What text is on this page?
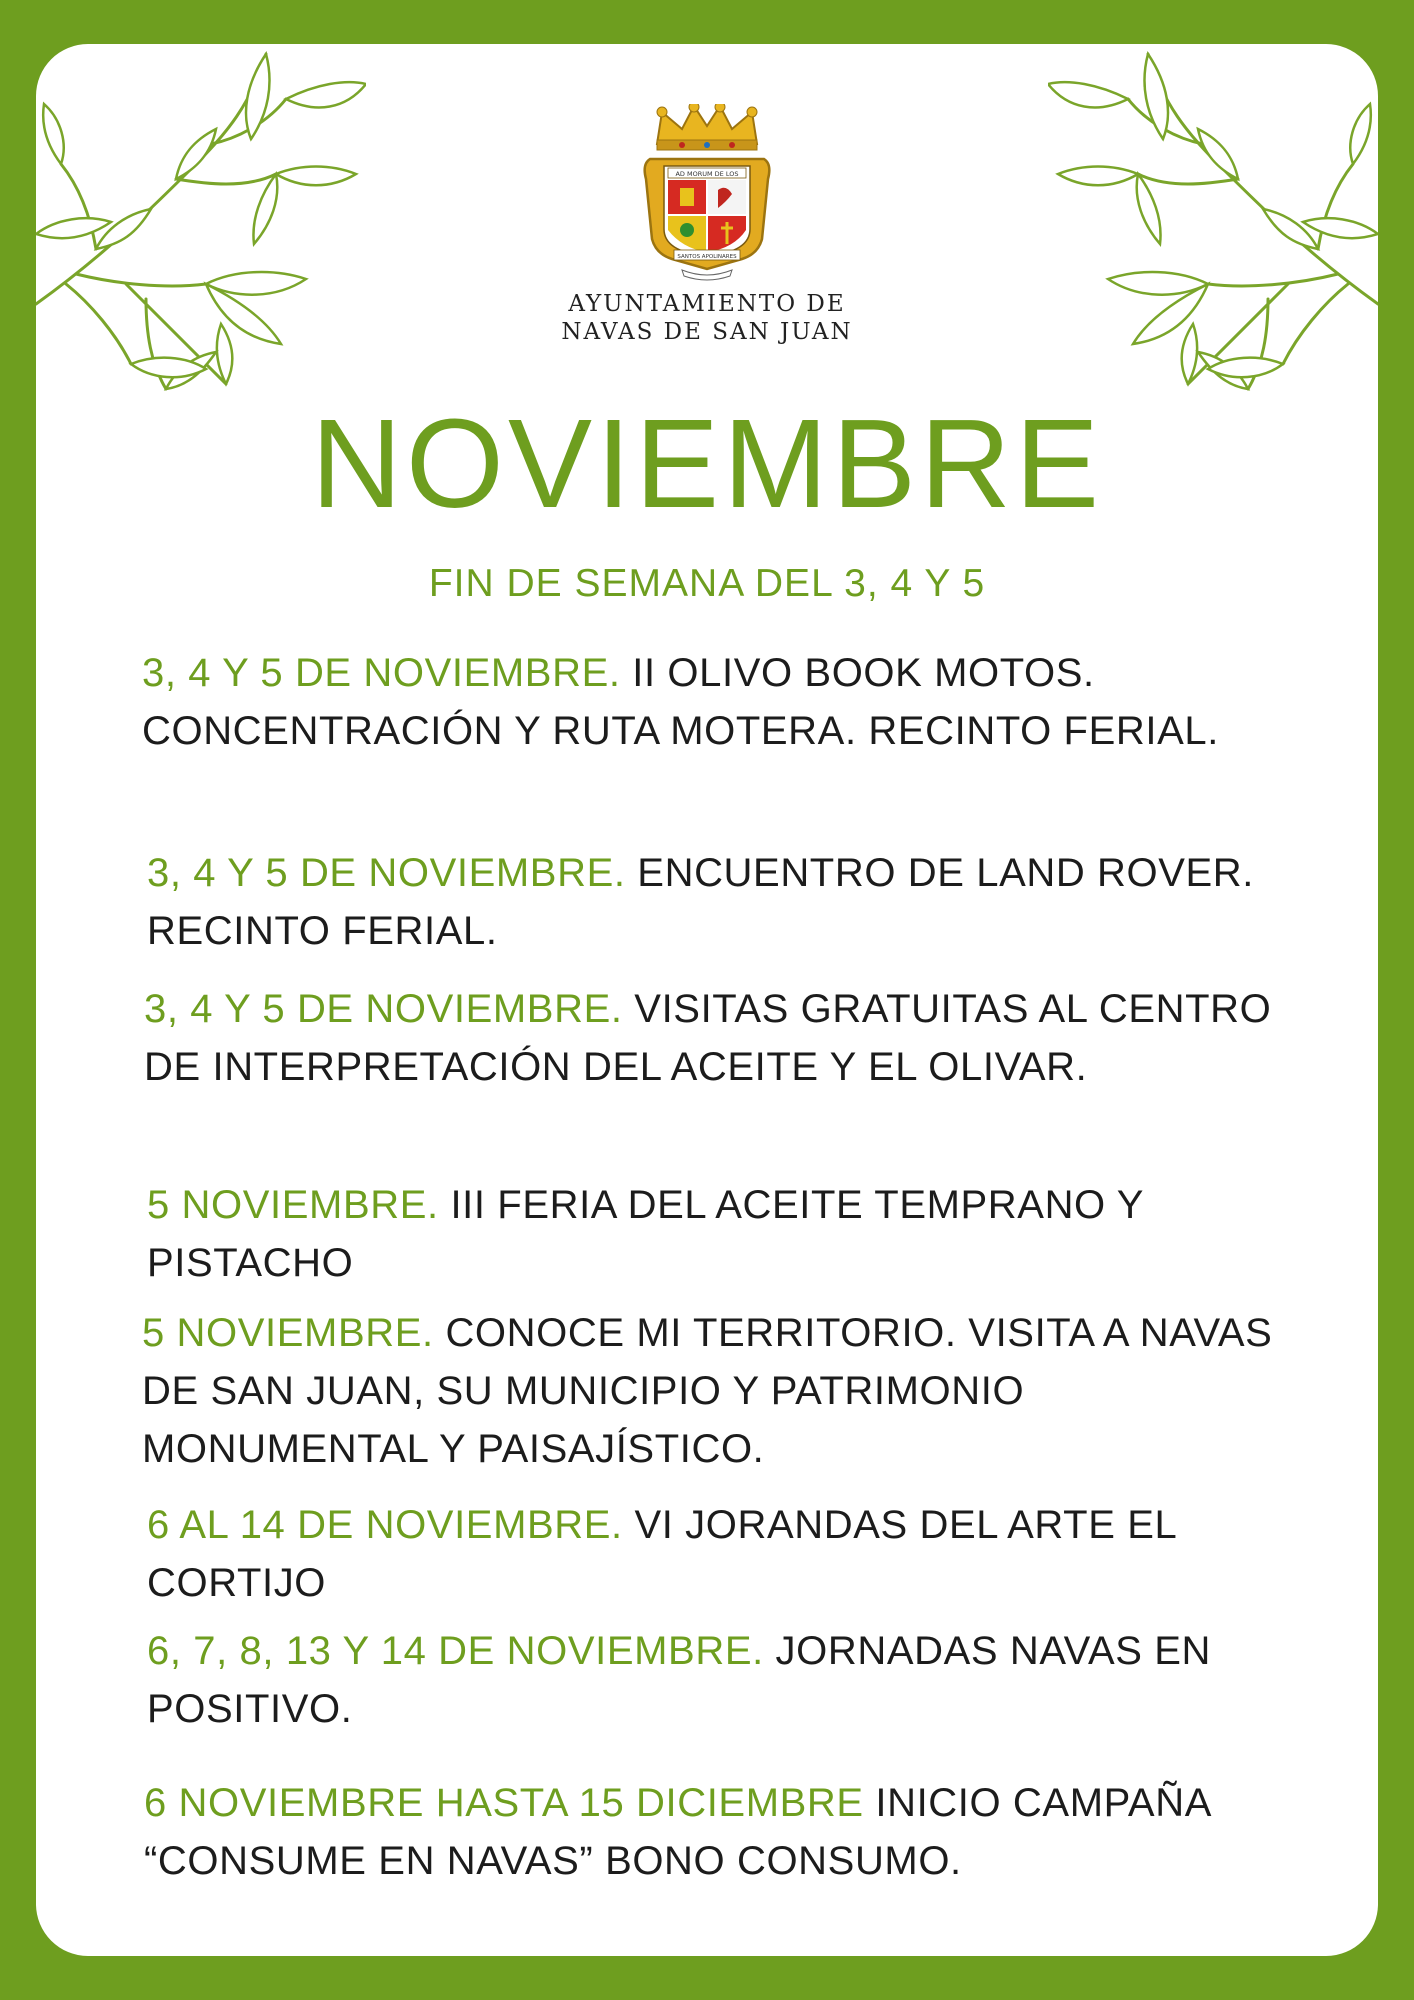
AD MORUM DE LOS
SANTOS APOLINARES
AYUNTAMIENTO DE
NAVAS DE SAN JUAN
NOVIEMBRE
FIN DE SEMANA DEL 3, 4 Y 5
3, 4 Y 5 DE NOVIEMBRE. II OLIVO BOOK MOTOS. CONCENTRACIÓN Y RUTA MOTERA. RECINTO FERIAL.
3, 4 Y 5 DE NOVIEMBRE. ENCUENTRO DE LAND ROVER. RECINTO FERIAL.
3, 4 Y 5 DE NOVIEMBRE. VISITAS GRATUITAS AL CENTRO DE INTERPRETACIÓN DEL ACEITE Y EL OLIVAR.
5 NOVIEMBRE. III FERIA DEL ACEITE TEMPRANO Y PISTACHO
5 NOVIEMBRE. CONOCE MI TERRITORIO. VISITA A NAVAS DE SAN JUAN, SU MUNICIPIO Y PATRIMONIO MONUMENTAL Y PAISAJÍSTICO.
6 AL 14 DE NOVIEMBRE. VI JORANDAS DEL ARTE EL CORTIJO
6, 7, 8, 13 Y 14 DE NOVIEMBRE. JORNADAS NAVAS EN POSITIVO.
6 NOVIEMBRE HASTA 15 DICIEMBRE INICIO CAMPAÑA “CONSUME EN NAVAS” BONO CONSUMO.
